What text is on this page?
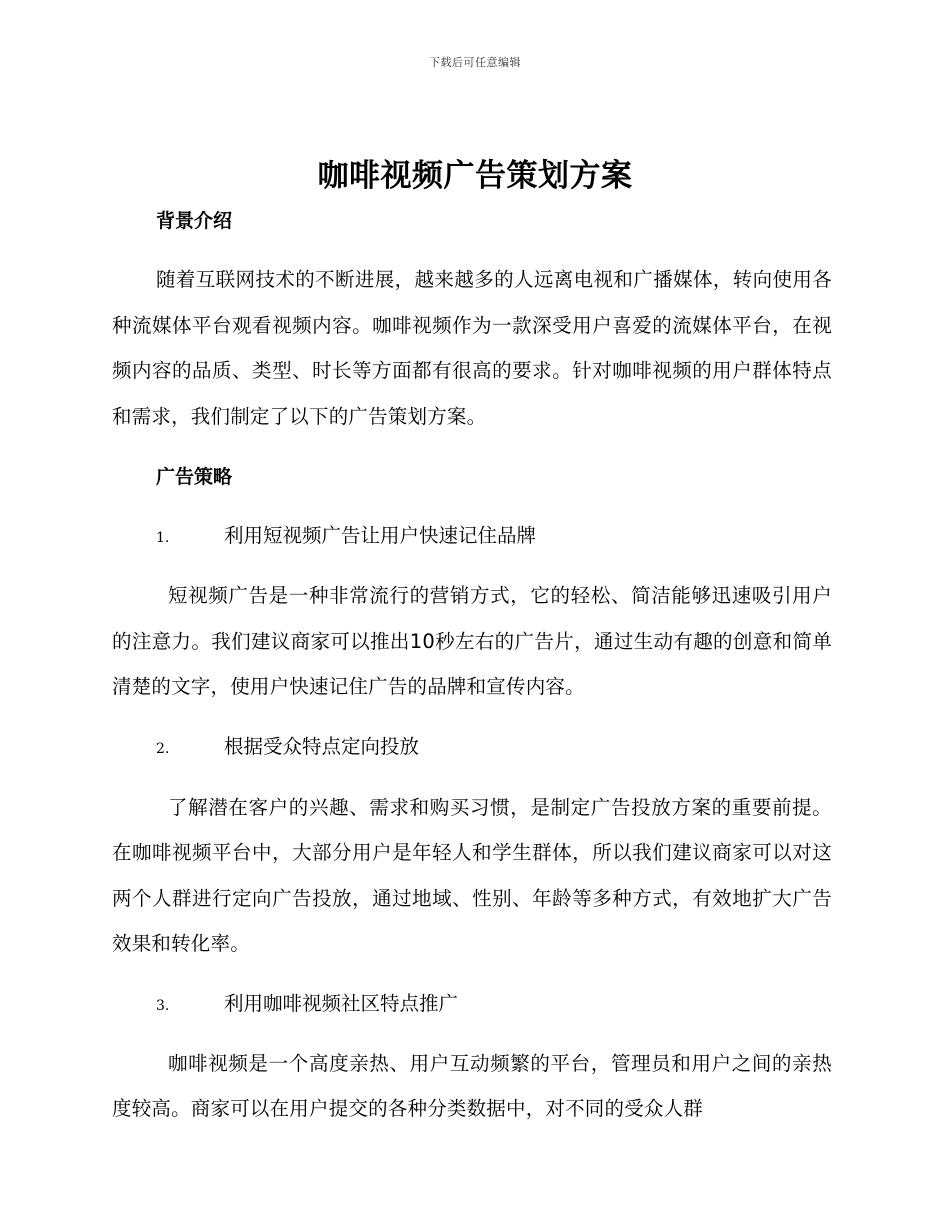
下载后可任意编辑
咖啡视频广告策划方案
背景介绍

随着互联网技术的不断进展，越来越多的人远离电视和广播媒体，转向使用各种流媒体平台观看视频内容。咖啡视频作为一款深受用户喜爱的流媒体平台，在视频内容的品质、类型、时长等方面都有很高的要求。针对咖啡视频的用户群体特点和需求，我们制定了以下的广告策划方案。

广告策略
1.	利用短视频广告让用户快速记住品牌

短视频广告是一种非常流行的营销方式，它的轻松、简洁能够迅速吸引用户的注意力。我们建议商家可以推出10秒左右的广告片，通过生动有趣的创意和简单清楚的文字，使用户快速记住广告的品牌和宣传内容。

2.	根据受众特点定向投放

了解潜在客户的兴趣、需求和购买习惯，是制定广告投放方案的重要前提。在咖啡视频平台中，大部分用户是年轻人和学生群体，所以我们建议商家可以对这两个人群进行定向广告投放，通过地域、性别、年龄等多种方式，有效地扩大广告效果和转化率。

3.	利用咖啡视频社区特点推广

咖啡视频是一个高度亲热、用户互动频繁的平台，管理员和用户之间的亲热度较高。商家可以在用户提交的各种分类数据中，对不同的受众人群
